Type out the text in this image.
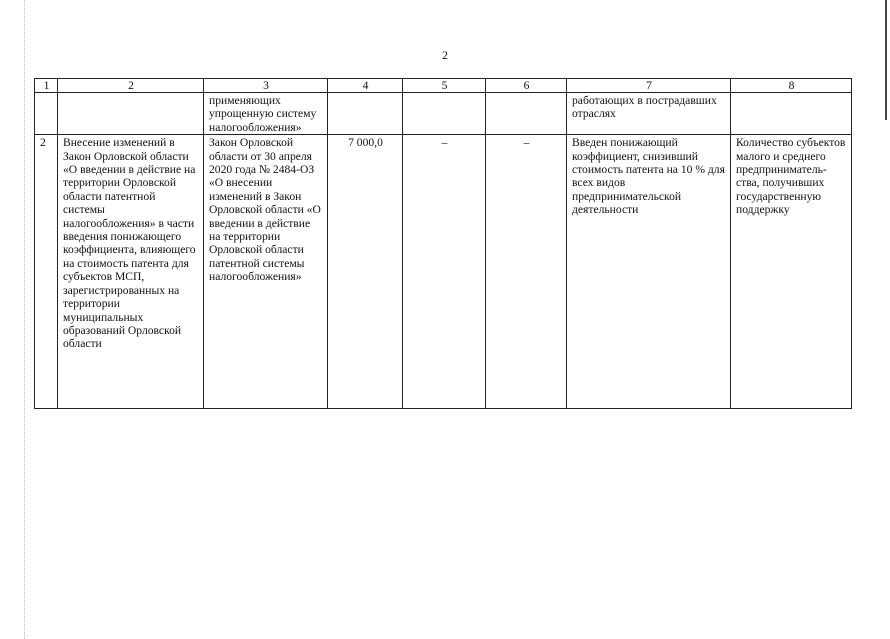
2
1	2	3	4	5	6	7	8
		применяющих упрощенную систему налогообложения»				работающих в пострадавших отраслях	
2	Внесение изменений в Закон Орловской области «О введении в действие на территории Орловской области патентной системы налогообложения» в части введения понижающего коэффициента, влияющего на стоимость патента для субъектов МСП, зарегистрированных на территории муниципальных образований Орловской области	Закон Орловской области от 30 апреля 2020 года № 2484-ОЗ «О внесении изменений в Закон Орловской области «О введении в действие на территории Орловской области патентной системы налогообложения»	7 000,0	–	–	Введен понижающий коэффициент, снизивший стоимость патента на 10 % для всех видов предпринимательской деятельности	Количество субъектов малого и среднего предприниматель-ства, получивших государственную поддержку
